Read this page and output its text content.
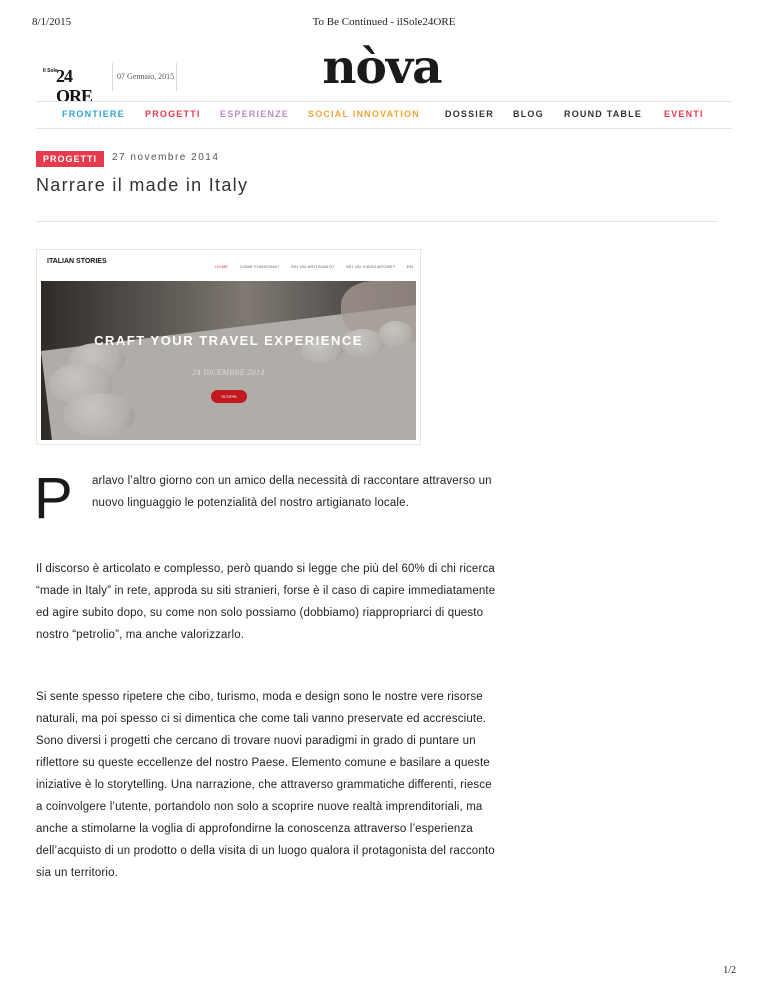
8/1/2015	To Be Continued - ilSole24ORE
Il Sole
24 ORE
07 Gennaio, 2015	nòva
FRONTIERE PROGETTI ESPERIENZE SOCIAL INNOVATION	DOSSIER BLOG ROUND TABLE EVENTI
PROGETTI	27 novembre 2014
Narrare il made in Italy
ITALIAN STORIES
HOME	COME FUNZIONA?	SEI UN ARTIGIANO?	SEI UN VIAGGIATORE?	EN
CRAFT YOUR TRAVEL EXPERIENCE
24 DICEMBRE 2014
SCOPRI
P arlavo l’altro giorno con un amico della necessità di raccontare attraverso un nuovo linguaggio le potenzialità del nostro artigianato locale.

Il discorso è articolato e complesso, però quando si legge che più del 60% di chi ricerca “made in Italy” in rete, approda su siti stranieri, forse è il caso di capire immediatamente ed agire subito dopo, su come non solo possiamo (dobbiamo) riappropriarci di questo nostro “petrolio”, ma anche valorizzarlo.

Si sente spesso ripetere che cibo, turismo, moda e design sono le nostre vere risorse naturali, ma poi spesso ci si dimentica che come tali vanno preservate ed accresciute. Sono diversi i progetti che cercano di trovare nuovi paradigmi in grado di puntare un riflettore su queste eccellenze del nostro Paese. Elemento comune e basilare a queste iniziative è lo storytelling. Una narrazione, che attraverso grammatiche differenti, riesce a coinvolgere l’utente, portandolo non solo a scoprire nuove realtà imprenditoriali, ma anche a stimolarne la voglia di approfondirne la conoscenza attraverso l’esperienza dell’acquisto di un prodotto o della visita di un luogo qualora il protagonista del racconto sia un territorio.

1/2
